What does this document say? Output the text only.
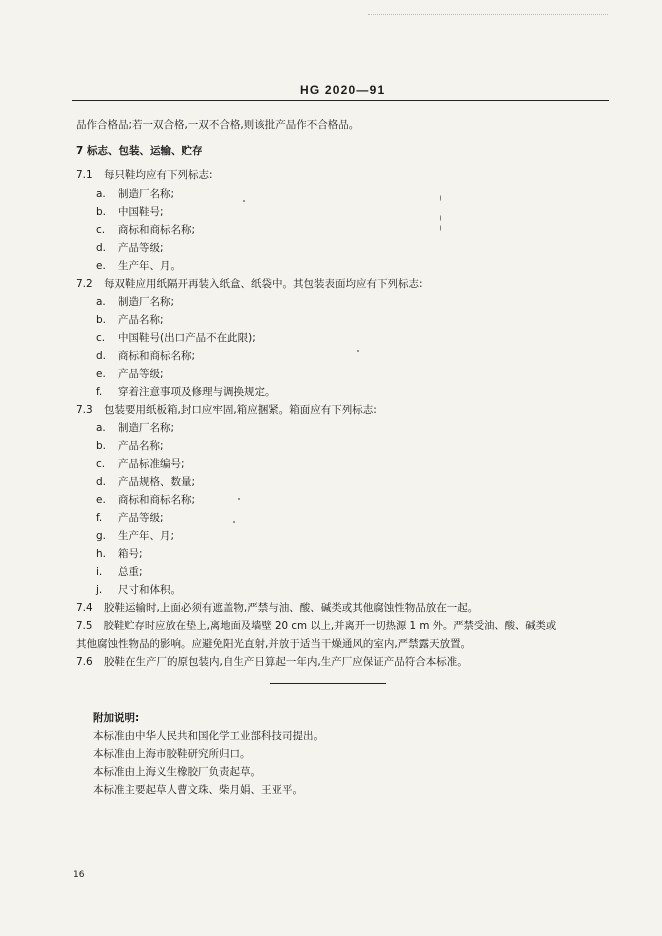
HG 2020—91
品作合格品;若一双合格,一双不合格,则该批产品作不合格品。
7 标志、包装、运输、贮存
7.1 每只鞋均应有下列标志:
a. 制造厂名称;
b. 中国鞋号;
c. 商标和商标名称;
d. 产品等级;
e. 生产年、月。
7.2 每双鞋应用纸隔开再装入纸盒、纸袋中。其包装表面均应有下列标志:
a. 制造厂名称;
b. 产品名称;
c. 中国鞋号(出口产品不在此限);
d. 商标和商标名称;
e. 产品等级;
f. 穿着注意事项及修理与调换规定。
7.3 包装要用纸板箱,封口应牢固,箱应捆紧。箱面应有下列标志:
a. 制造厂名称;
b. 产品名称;
c. 产品标准编号;
d. 产品规格、数量;
e. 商标和商标名称;
f. 产品等级;
g. 生产年、月;
h. 箱号;
i. 总重;
j. 尺寸和体积。
7.4 胶鞋运输时,上面必须有遮盖物,严禁与油、酸、碱类或其他腐蚀性物品放在一起。
7.5 胶鞋贮存时应放在垫上,离地面及墙壁 20 cm 以上,并离开一切热源 1 m 外。严禁受油、酸、碱类或
其他腐蚀性物品的影响。应避免阳光直射,并放于适当干燥通风的室内,严禁露天放置。
7.6 胶鞋在生产厂的原包装内,自生产日算起一年内,生产厂应保证产品符合本标准。
附加说明:
本标准由中华人民共和国化学工业部科技司提出。
本标准由上海市胶鞋研究所归口。
本标准由上海义生橡胶厂负责起草。
本标准主要起草人曹文珠、柴月娟、王亚平。
16
